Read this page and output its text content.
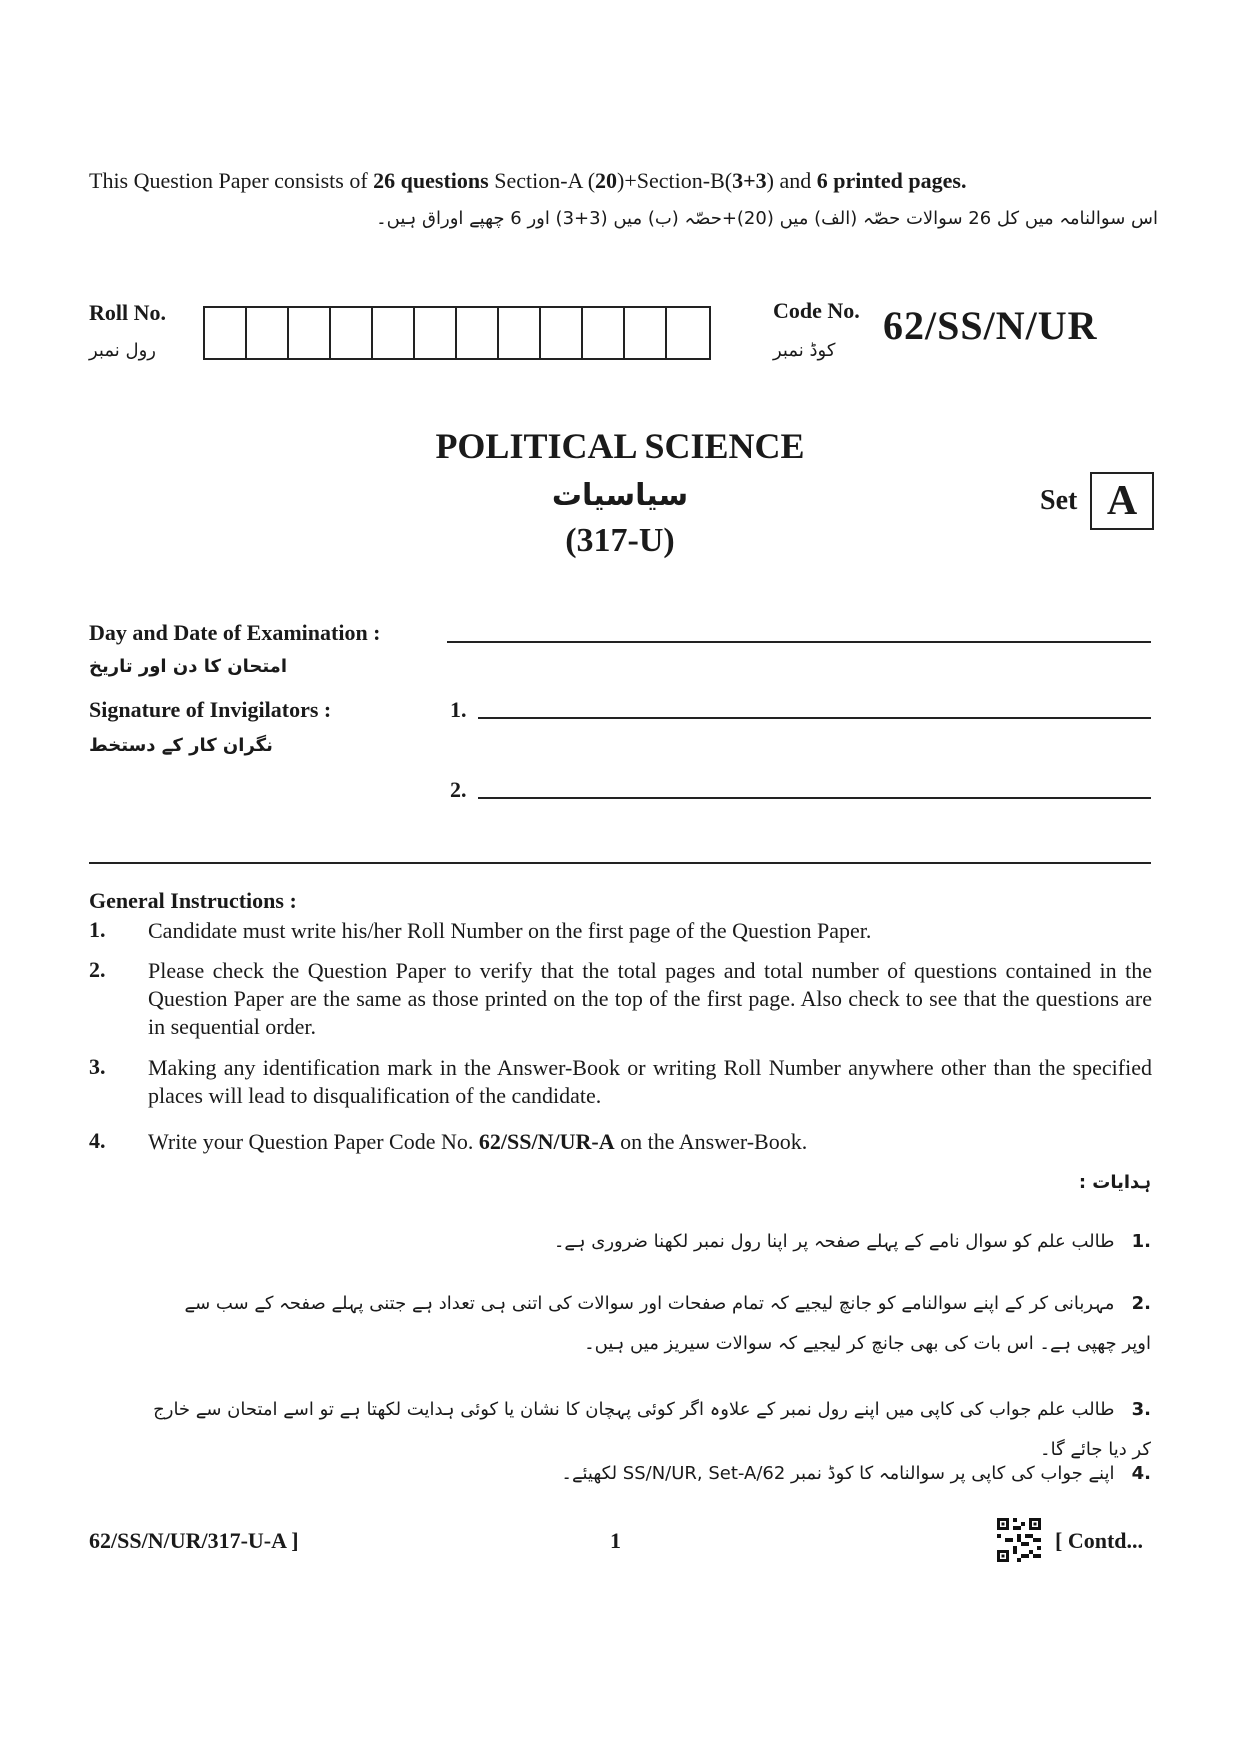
This Question Paper consists of 26 questions Section-A (20)+Section-B(3+3) and 6 printed pages.
اس سوالنامہ میں کل 26 سوالات حصّہ (الف) میں (20)+حصّہ (ب) میں (3+3) اور 6 چھپے اوراق ہیں۔
Roll No.
رول نمبر
Code No.
کوڈ نمبر
62/SS/N/UR
POLITICAL SCIENCE
سیاسیات
(317-U)
Set A
Day and Date of Examination :
امتحان کا دن اور تاریخ
Signature of Invigilators :	1.
نگران کار کے دستخط
2.
General Instructions :
1. Candidate must write his/her Roll Number on the first page of the Question Paper.
2. Please check the Question Paper to verify that the total pages and total number of questions contained in the Question Paper are the same as those printed on the top of the first page. Also check to see that the questions are in sequential order.
3. Making any identification mark in the Answer-Book or writing Roll Number anywhere other than the specified places will lead to disqualification of the candidate.
4. Write your Question Paper Code No. 62/SS/N/UR-A on the Answer-Book.
ہدایات :
.1   طالب علم کو سوال نامے کے پہلے صفحہ پر اپنا رول نمبر لکھنا ضروری ہے۔
.2   مہربانی کر کے اپنے سوالنامے کو جانچ لیجیے کہ تمام صفحات اور سوالات کی اتنی ہی تعداد ہے جتنی پہلے صفحہ کے سب سے اوپر چھپی ہے۔ اس بات کی بھی جانچ کر لیجیے کہ سوالات سیریز میں ہیں۔
.3   طالب علم جواب کی کاپی میں اپنے رول نمبر کے علاوہ اگر کوئی پہچان کا نشان یا کوئی ہدایت لکھتا ہے تو اسے امتحان سے خارج کر دیا جائے گا۔
.4   اپنے جواب کی کاپی پر سوالنامہ کا کوڈ نمبر 62/SS/N/UR, Set-A لکھیئے۔
62/SS/N/UR/317-U-A ]	1	[ Contd...
